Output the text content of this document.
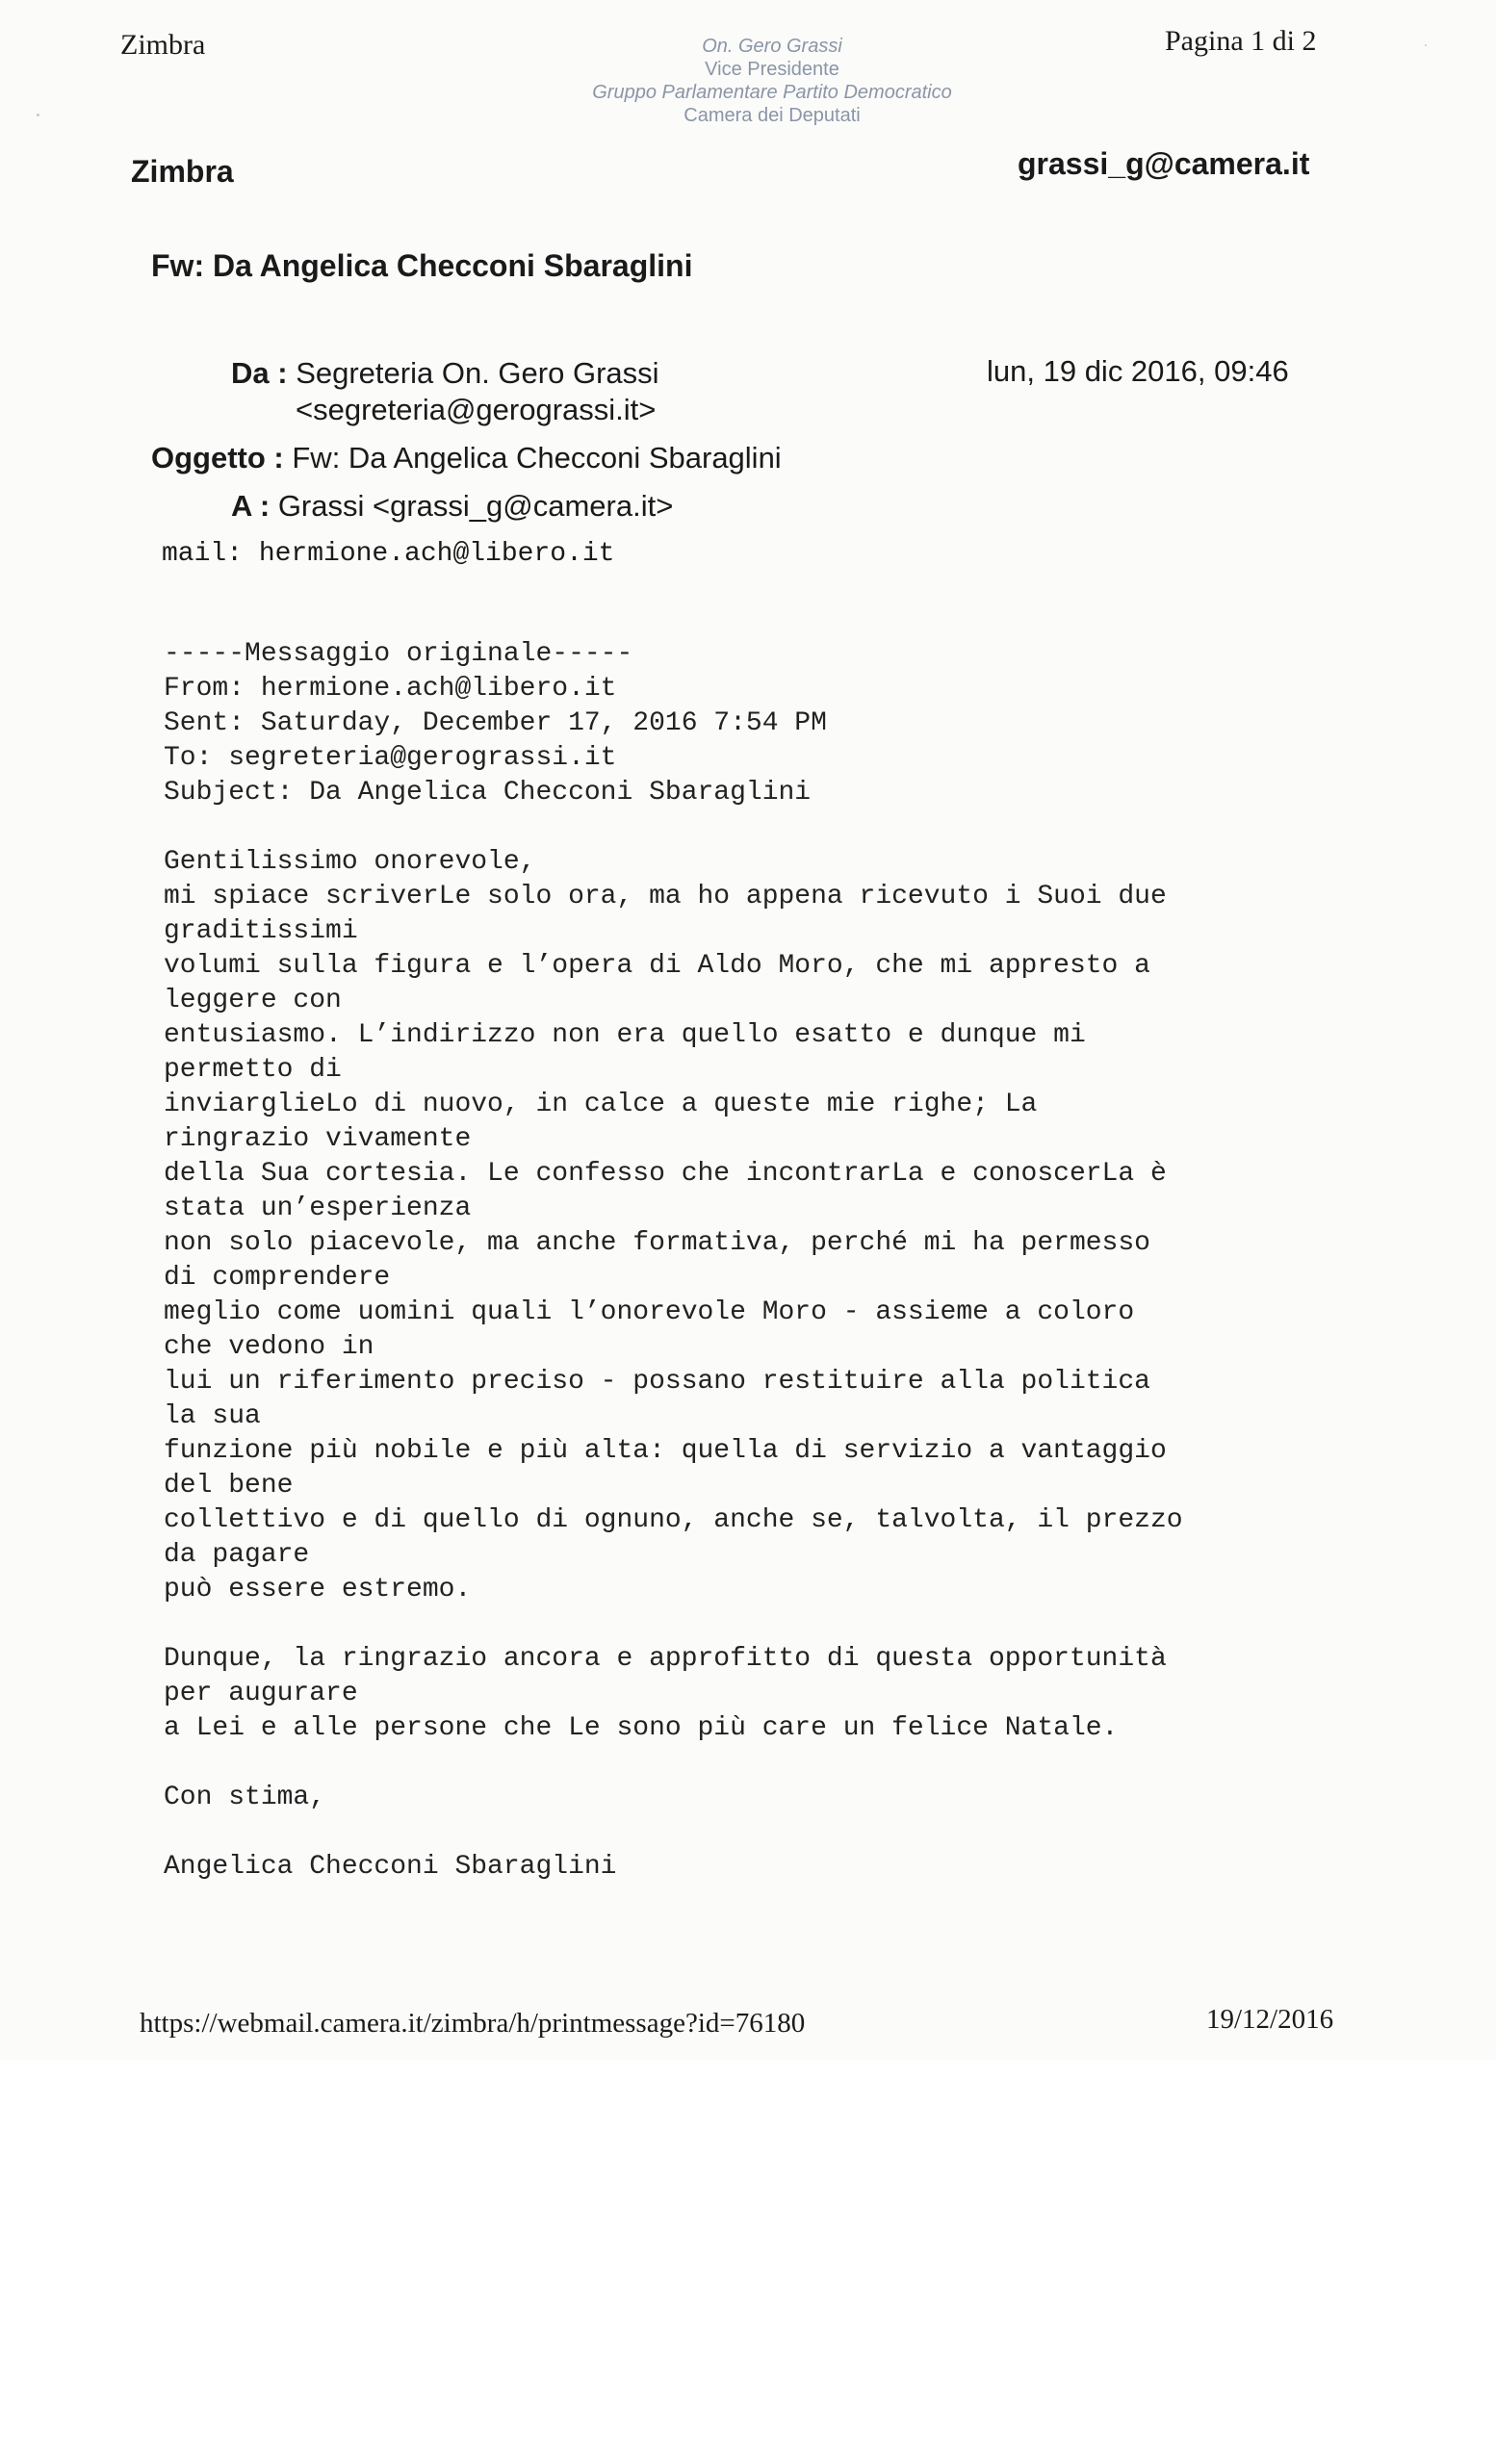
Zimbra	Pagina 1 di 2
On. Gero Grassi
Vice Presidente
Gruppo Parlamentare Partito Democratico
Camera dei Deputati
Zimbra	grassi_g@camera.it
Fw: Da Angelica Checconi Sbaraglini
Da : Segreteria On. Gero Grassi
<segreteria@gerograssi.it>
lun, 19 dic 2016, 09:46
Oggetto : Fw: Da Angelica Checconi Sbaraglini
A : Grassi <grassi_g@camera.it>
mail: hermione.ach@libero.it
-----Messaggio originale-----
From: hermione.ach@libero.it
Sent: Saturday, December 17, 2016 7:54 PM
To: segreteria@gerograssi.it
Subject: Da Angelica Checconi Sbaraglini

Gentilissimo onorevole,
mi spiace scriverLe solo ora, ma ho appena ricevuto i Suoi due
graditissimi
volumi sulla figura e l’opera di Aldo Moro, che mi appresto a
leggere con
entusiasmo. L’indirizzo non era quello esatto e dunque mi
permetto di
inviarglieLo di nuovo, in calce a queste mie righe; La
ringrazio vivamente
della Sua cortesia. Le confesso che incontrarLa e conoscerLa è
stata un’esperienza
non solo piacevole, ma anche formativa, perché mi ha permesso
di comprendere
meglio come uomini quali l’onorevole Moro - assieme a coloro
che vedono in
lui un riferimento preciso - possano restituire alla politica
la sua
funzione più nobile e più alta: quella di servizio a vantaggio
del bene
collettivo e di quello di ognuno, anche se, talvolta, il prezzo
da pagare
può essere estremo.

Dunque, la ringrazio ancora e approfitto di questa opportunità
per augurare
a Lei e alle persone che Le sono più care un felice Natale.

Con stima,

Angelica Checconi Sbaraglini
https://webmail.camera.it/zimbra/h/printmessage?id=76180	19/12/2016
